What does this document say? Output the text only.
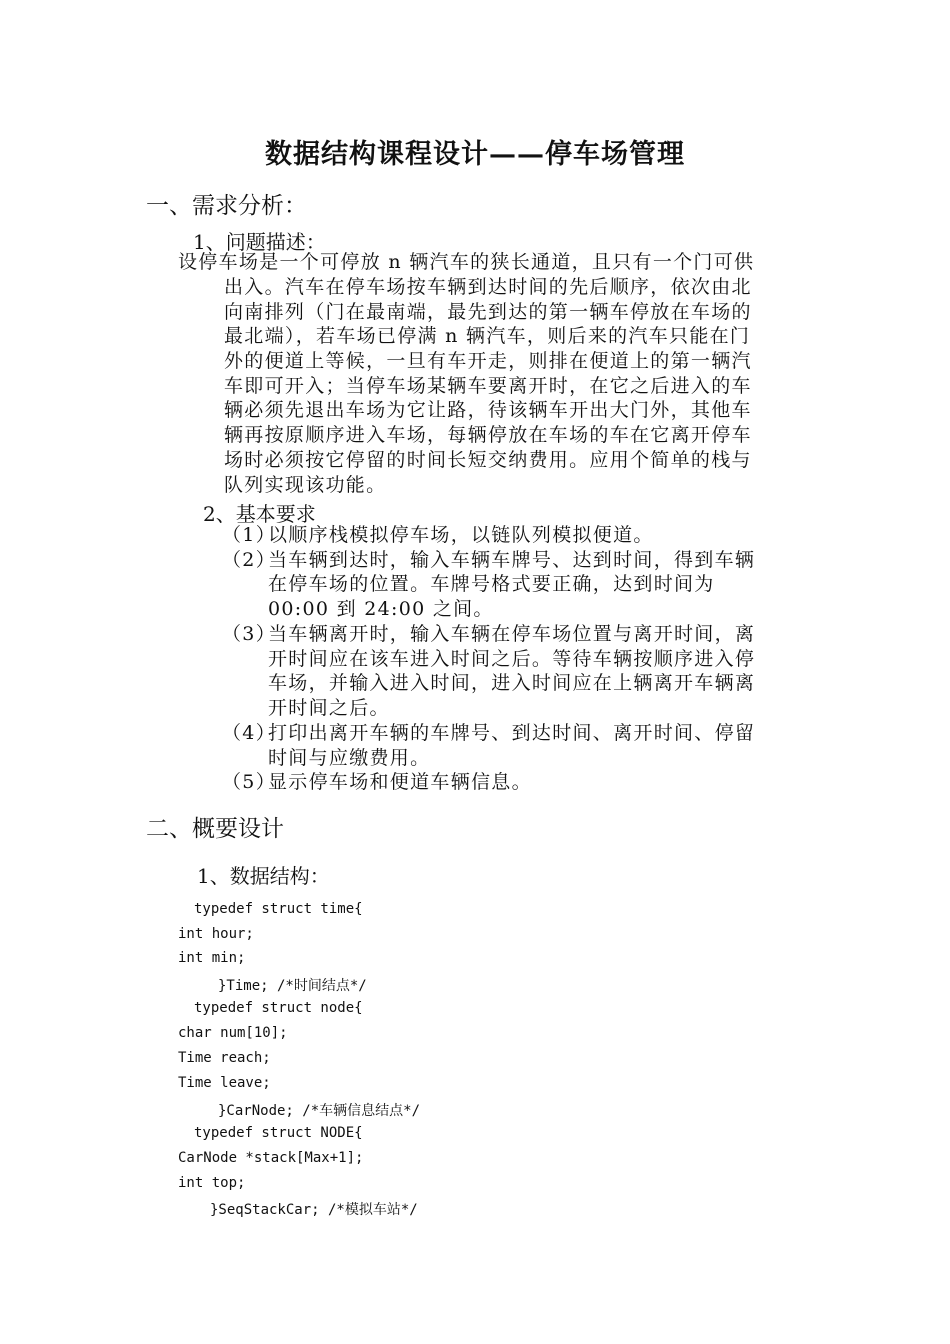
数据结构课程设计——停车场管理
一、需求分析：
1、问题描述：
设停车场是一个可停放 n 辆汽车的狭长通道，且只有一个门可供
出入。汽车在停车场按车辆到达时间的先后顺序，依次由北
向南排列（门在最南端，最先到达的第一辆车停放在车场的
最北端），若车场已停满 n 辆汽车，则后来的汽车只能在门
外的便道上等候，一旦有车开走，则排在便道上的第一辆汽
车即可开入；当停车场某辆车要离开时，在它之后进入的车
辆必须先退出车场为它让路，待该辆车开出大门外，其他车
辆再按原顺序进入车场，每辆停放在车场的车在它离开停车
场时必须按它停留的时间长短交纳费用。应用个简单的栈与
队列实现该功能。
2、基本要求
（1）
以顺序栈模拟停车场，以链队列模拟便道。
（2）
当车辆到达时，输入车辆车牌号、达到时间，得到车辆
在停车场的位置。车牌号格式要正确，达到时间为
00:00 到 24:00 之间。
（3）
当车辆离开时，输入车辆在停车场位置与离开时间，离
开时间应在该车进入时间之后。等待车辆按顺序进入停
车场，并输入进入时间，进入时间应在上辆离开车辆离
开时间之后。
（4）
打印出离开车辆的车牌号、到达时间、离开时间、停留
时间与应缴费用。
（5）
显示停车场和便道车辆信息。
二、概要设计
1、数据结构：
typedef struct time{
int hour;
int min;
}Time; /*时间结点*/
typedef struct node{
char num[10];
Time reach;
Time leave;
}CarNode; /*车辆信息结点*/
typedef struct NODE{
CarNode *stack[Max+1];
int top;
}SeqStackCar; /*模拟车站*/
